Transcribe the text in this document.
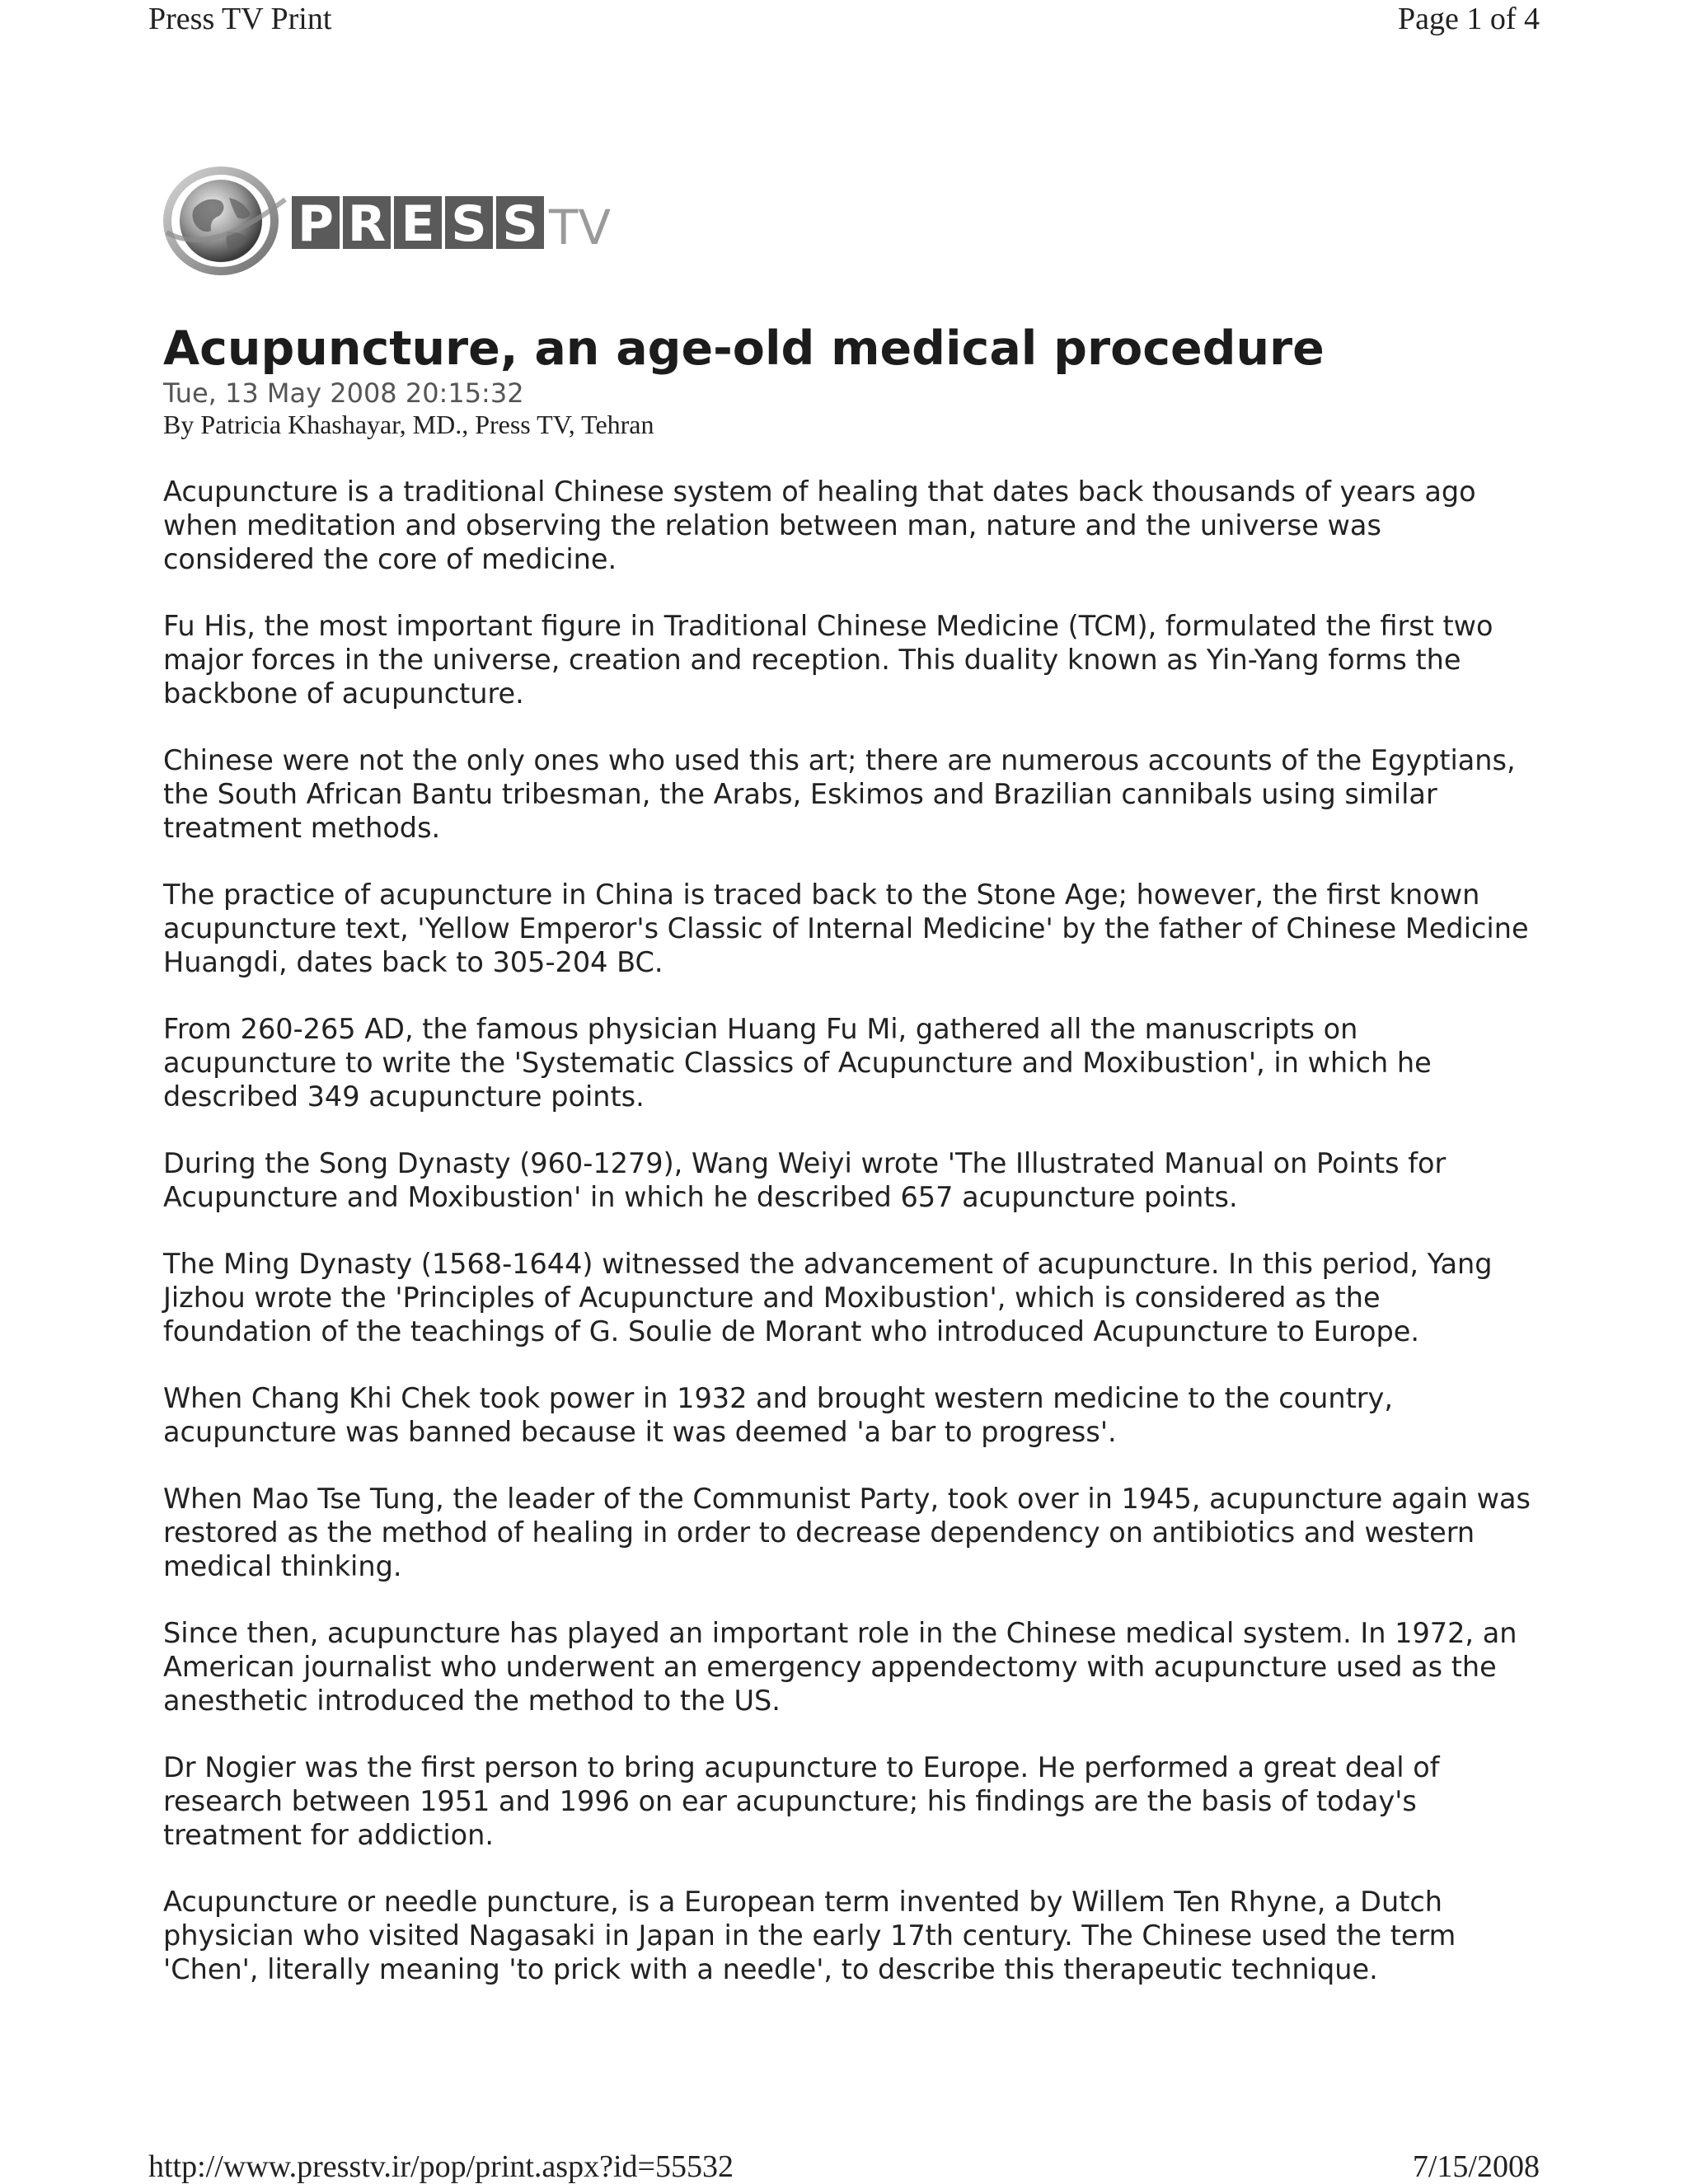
Press TV Print	Page 1 of 4
P R E S S TV
Acupuncture, an age-old medical procedure

Tue, 13 May 2008 20:15:32

By Patricia Khashayar, MD., Press TV, Tehran

Acupuncture is a traditional Chinese system of healing that dates back thousands of years ago when meditation and observing the relation between man, nature and the universe was considered the core of medicine.

Fu His, the most important figure in Traditional Chinese Medicine (TCM), formulated the first two major forces in the universe, creation and reception. This duality known as Yin-Yang forms the backbone of acupuncture.

Chinese were not the only ones who used this art; there are numerous accounts of the Egyptians, the South African Bantu tribesman, the Arabs, Eskimos and Brazilian cannibals using similar treatment methods.

The practice of acupuncture in China is traced back to the Stone Age; however, the first known acupuncture text, 'Yellow Emperor's Classic of Internal Medicine' by the father of Chinese Medicine Huangdi, dates back to 305-204 BC.

From 260-265 AD, the famous physician Huang Fu Mi, gathered all the manuscripts on acupuncture to write the 'Systematic Classics of Acupuncture and Moxibustion', in which he described 349 acupuncture points.

During the Song Dynasty (960-1279), Wang Weiyi wrote 'The Illustrated Manual on Points for Acupuncture and Moxibustion' in which he described 657 acupuncture points.

The Ming Dynasty (1568-1644) witnessed the advancement of acupuncture. In this period, Yang Jizhou wrote the 'Principles of Acupuncture and Moxibustion', which is considered as the foundation of the teachings of G. Soulie de Morant who introduced Acupuncture to Europe.

When Chang Khi Chek took power in 1932 and brought western medicine to the country, acupuncture was banned because it was deemed 'a bar to progress'.

When Mao Tse Tung, the leader of the Communist Party, took over in 1945, acupuncture again was restored as the method of healing in order to decrease dependency on antibiotics and western medical thinking.

Since then, acupuncture has played an important role in the Chinese medical system. In 1972, an American journalist who underwent an emergency appendectomy with acupuncture used as the anesthetic introduced the method to the US.

Dr Nogier was the first person to bring acupuncture to Europe. He performed a great deal of research between 1951 and 1996 on ear acupuncture; his findings are the basis of today's treatment for addiction.

Acupuncture or needle puncture, is a European term invented by Willem Ten Rhyne, a Dutch physician who visited Nagasaki in Japan in the early 17th century. The Chinese used the term 'Chen', literally meaning 'to prick with a needle', to describe this therapeutic technique.

http://www.presstv.ir/pop/print.aspx?id=55532	7/15/2008
